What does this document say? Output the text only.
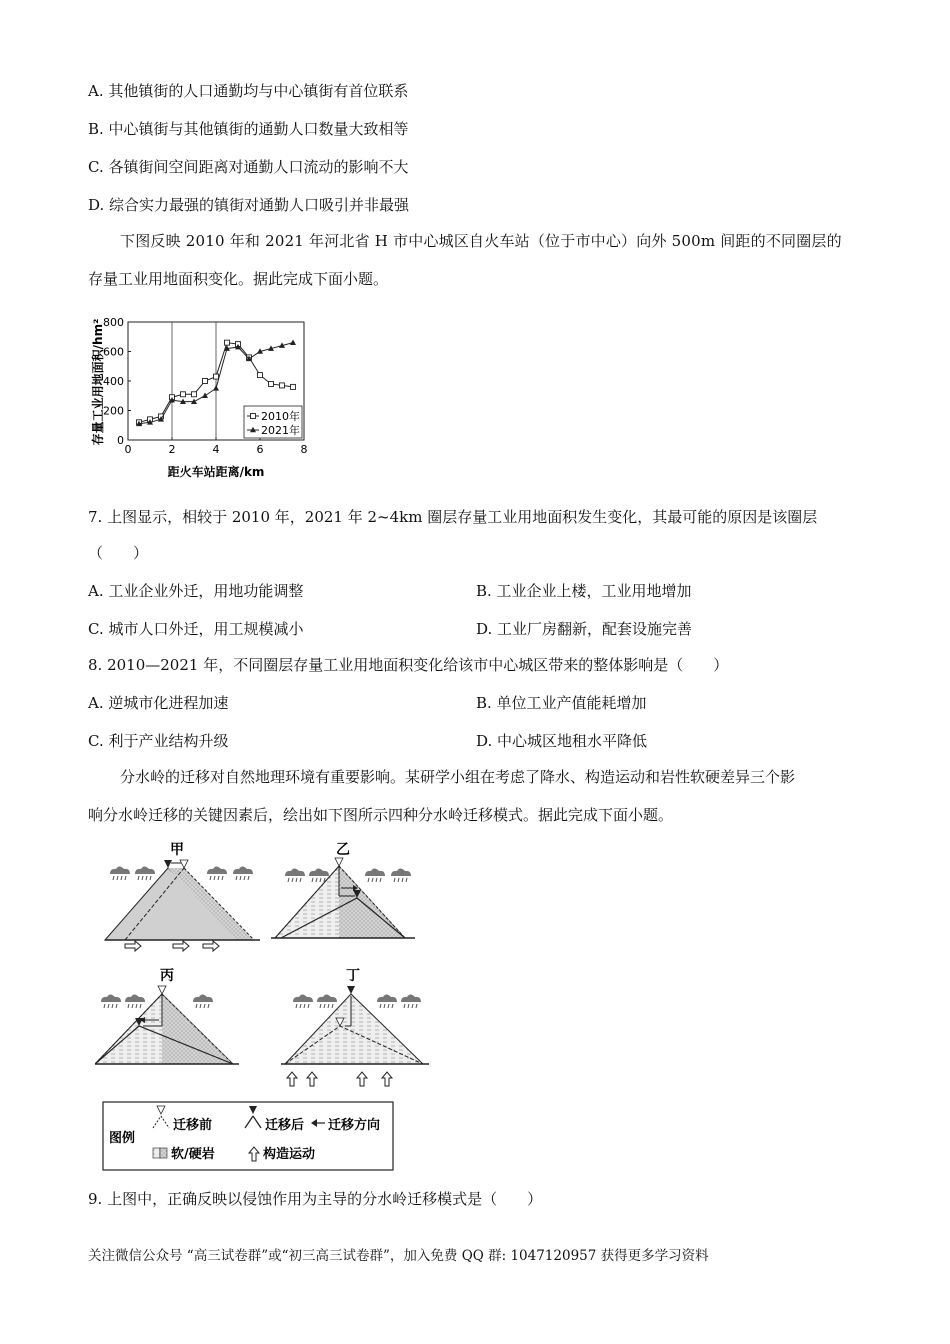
A. 其他镇街的人口通勤均与中心镇街有首位联系
B. 中心镇街与其他镇街的通勤人口数量大致相等
C. 各镇街间空间距离对通勤人口流动的影响不大
D. 综合实力最强的镇街对通勤人口吸引并非最强
下图反映 2010 年和 2021 年河北省 H 市中心城区自火车站（位于市中心）向外 500m 间距的不同圈层的
存量工业用地面积变化。据此完成下面小题。
0	2	4	6	8
0
200
400
600
800
2010年
2021年
存量工业用地面积/hm²
距火车站距离/km
7. 上图显示，相较于 2010 年，2021 年 2~4km 圈层存量工业用地面积发生变化，其最可能的原因是该圈层
（　　）
A. 工业企业外迁，用地功能调整	B. 工业企业上楼，工业用地增加
C. 城市人口外迁，用工规模减小	D. 工业厂房翻新，配套设施完善
8. 2010—2021 年，不同圈层存量工业用地面积变化给该市中心城区带来的整体影响是（　　）
A. 逆城市化进程加速	B. 单位工业产值能耗增加
C. 利于产业结构升级	D. 中心城区地租水平降低
分水岭的迁移对自然地理环境有重要影响。某研学小组在考虑了降水、构造运动和岩性软硬差异三个影
响分水岭迁移的关键因素后，绘出如下图所示四种分水岭迁移模式。据此完成下面小题。
甲	乙
丙	丁
图例
迁移前	迁移后 迁移方向
软/硬岩	构造运动
9. 上图中，正确反映以侵蚀作用为主导的分水岭迁移模式是（　　）
关注微信公众号 “高三试卷群”或“初三高三试卷群”，加入免费 QQ 群: 1047120957 获得更多学习资料
